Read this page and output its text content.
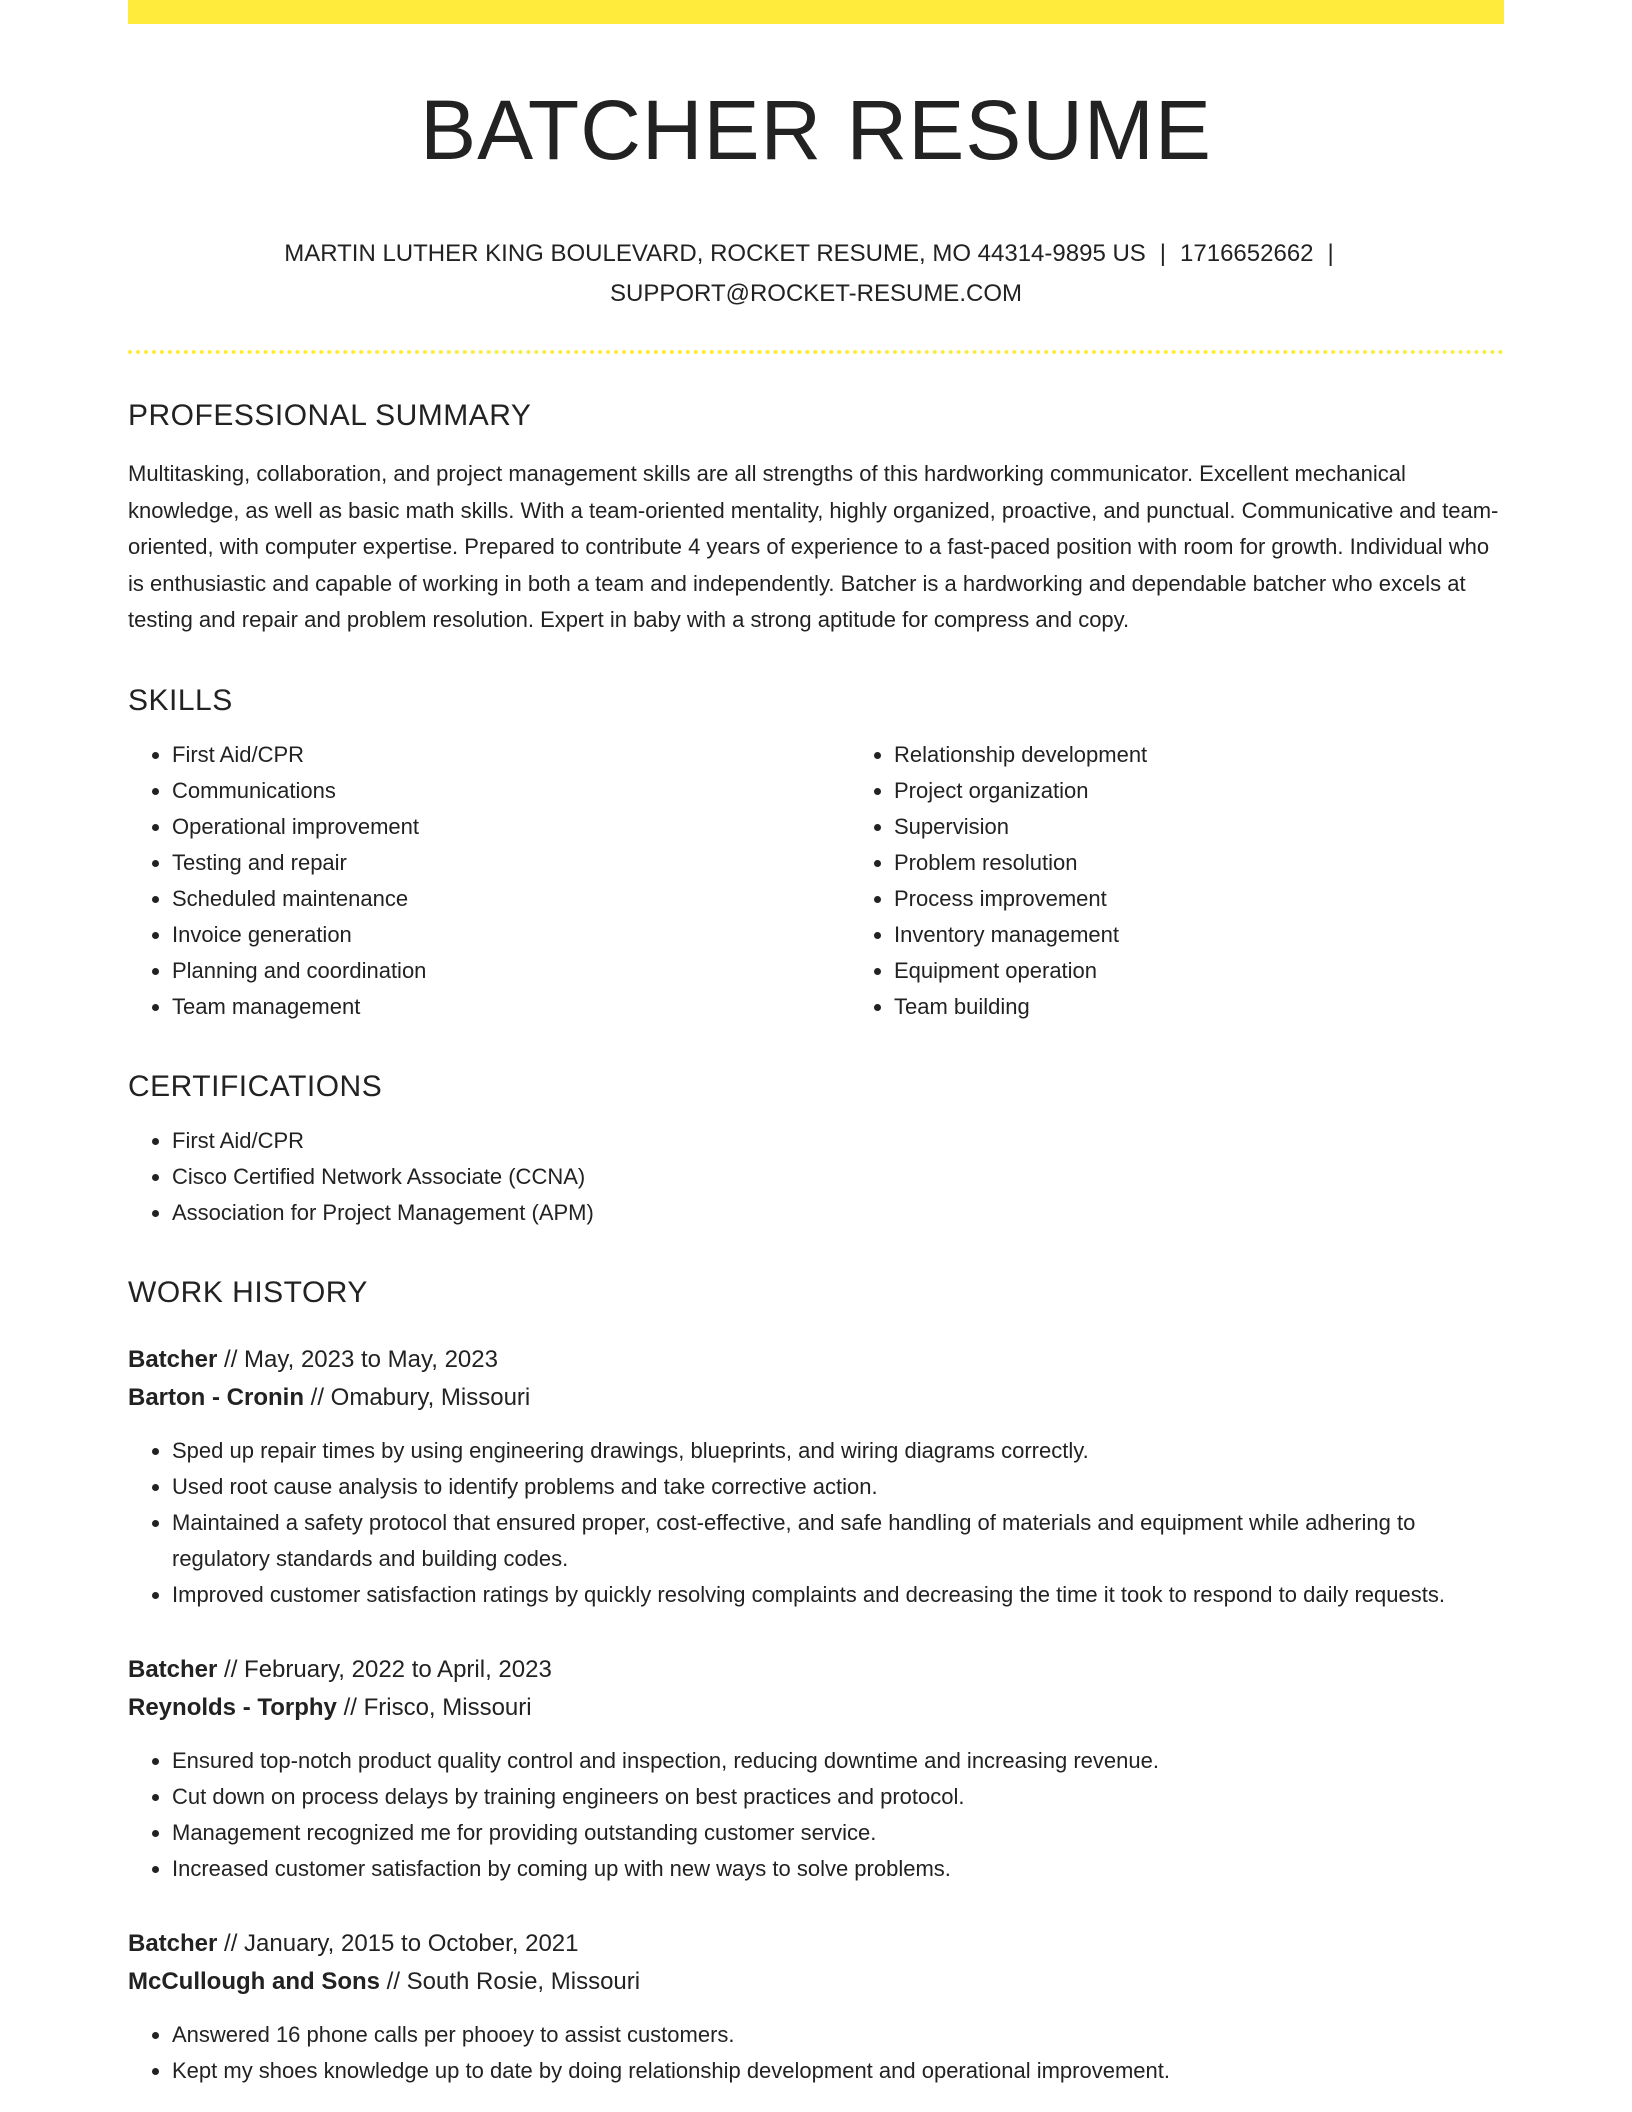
BATCHER RESUME
MARTIN LUTHER KING BOULEVARD, ROCKET RESUME, MO 44314-9895 US | 1716652662 |
SUPPORT@ROCKET-RESUME.COM
PROFESSIONAL SUMMARY
Multitasking, collaboration, and project management skills are all strengths of this hardworking communicator. Excellent mechanical knowledge, as well as basic math skills. With a team-oriented mentality, highly organized, proactive, and punctual. Communicative and team-oriented, with computer expertise. Prepared to contribute 4 years of experience to a fast-paced position with room for growth. Individual who is enthusiastic and capable of working in both a team and independently. Batcher is a hardworking and dependable batcher who excels at testing and repair and problem resolution. Expert in baby with a strong aptitude for compress and copy.
SKILLS
• First Aid/CPR
• Communications
• Operational improvement
• Testing and repair
• Scheduled maintenance
• Invoice generation
• Planning and coordination
• Team management
• Relationship development
• Project organization
• Supervision
• Problem resolution
• Process improvement
• Inventory management
• Equipment operation
• Team building
CERTIFICATIONS
• First Aid/CPR
• Cisco Certified Network Associate (CCNA)
• Association for Project Management (APM)
WORK HISTORY
Batcher // May, 2023 to May, 2023
Barton - Cronin // Omabury, Missouri
• Sped up repair times by using engineering drawings, blueprints, and wiring diagrams correctly.
• Used root cause analysis to identify problems and take corrective action.
• Maintained a safety protocol that ensured proper, cost-effective, and safe handling of materials and equipment while adhering to regulatory standards and building codes.
• Improved customer satisfaction ratings by quickly resolving complaints and decreasing the time it took to respond to daily requests.
Batcher // February, 2022 to April, 2023
Reynolds - Torphy // Frisco, Missouri
• Ensured top-notch product quality control and inspection, reducing downtime and increasing revenue.
• Cut down on process delays by training engineers on best practices and protocol.
• Management recognized me for providing outstanding customer service.
• Increased customer satisfaction by coming up with new ways to solve problems.
Batcher // January, 2015 to October, 2021
McCullough and Sons // South Rosie, Missouri
• Answered 16 phone calls per phooey to assist customers.
• Kept my shoes knowledge up to date by doing relationship development and operational improvement.
